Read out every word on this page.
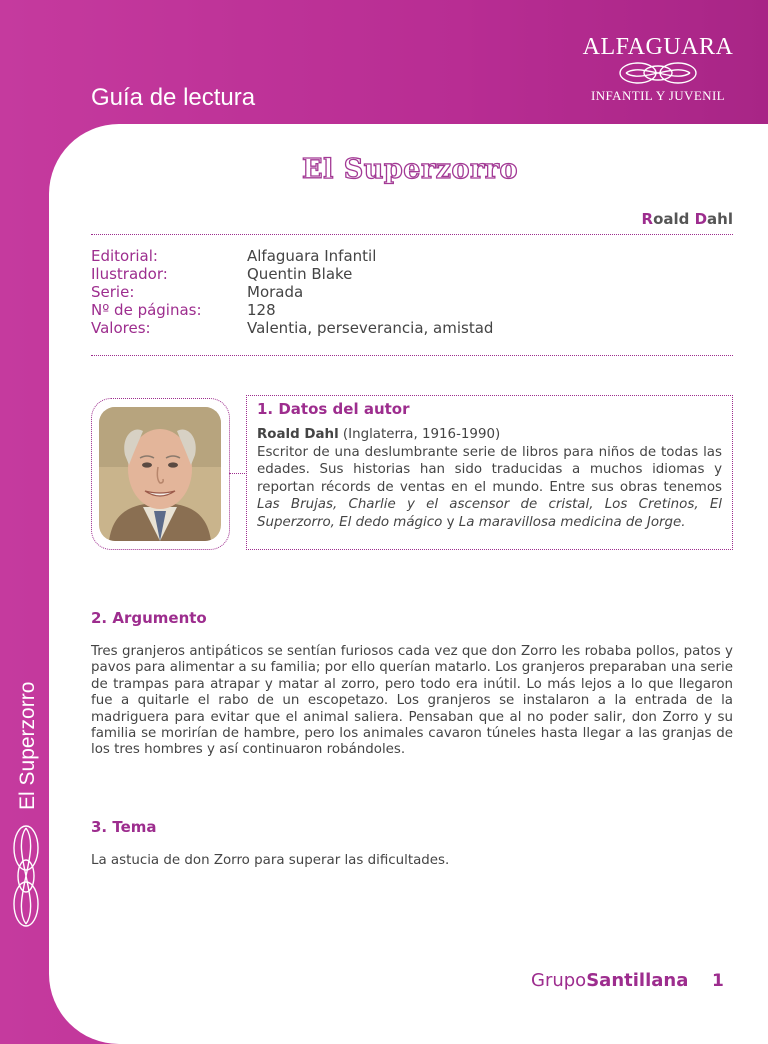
Guía de lectura
ALFAGUARA
INFANTIL Y JUVENIL
El Superzorro
El Superzorro
Roald Dahl
Editorial:	Alfaguara Infantil
Ilustrador:	Quentin Blake
Serie:	Morada
Nº de páginas:	128
Valores:	Valentia, perseverancia, amistad
1. Datos del autor
Roald Dahl (Inglaterra, 1916-1990)
Escritor de una deslumbrante serie de libros para niños de todas las edades. Sus historias han sido traducidas a muchos idiomas y reportan récords de ventas en el mundo. Entre sus obras tenemos Las Brujas, Charlie y el ascensor de cristal, Los Cretinos, El Superzorro, El dedo mágico y La maravillosa medicina de Jorge.
2. Argumento
Tres granjeros antipáticos se sentían furiosos cada vez que don Zorro les robaba pollos, patos y pavos para alimentar a su familia; por ello querían matarlo. Los granjeros preparaban una serie de trampas para atrapar y matar al zorro, pero todo era inútil. Lo más lejos a lo que llegaron fue a quitarle el rabo de un escopetazo. Los granjeros se instalaron a la entrada de la madriguera para evitar que el animal saliera. Pensaban que al no poder salir, don Zorro y su familia se morirían de hambre, pero los animales cavaron túneles hasta llegar a las granjas de los tres hombres y así continuaron robándoles.
3. Tema
La astucia de don Zorro para superar las dificultades.
GrupoSantillana 1
